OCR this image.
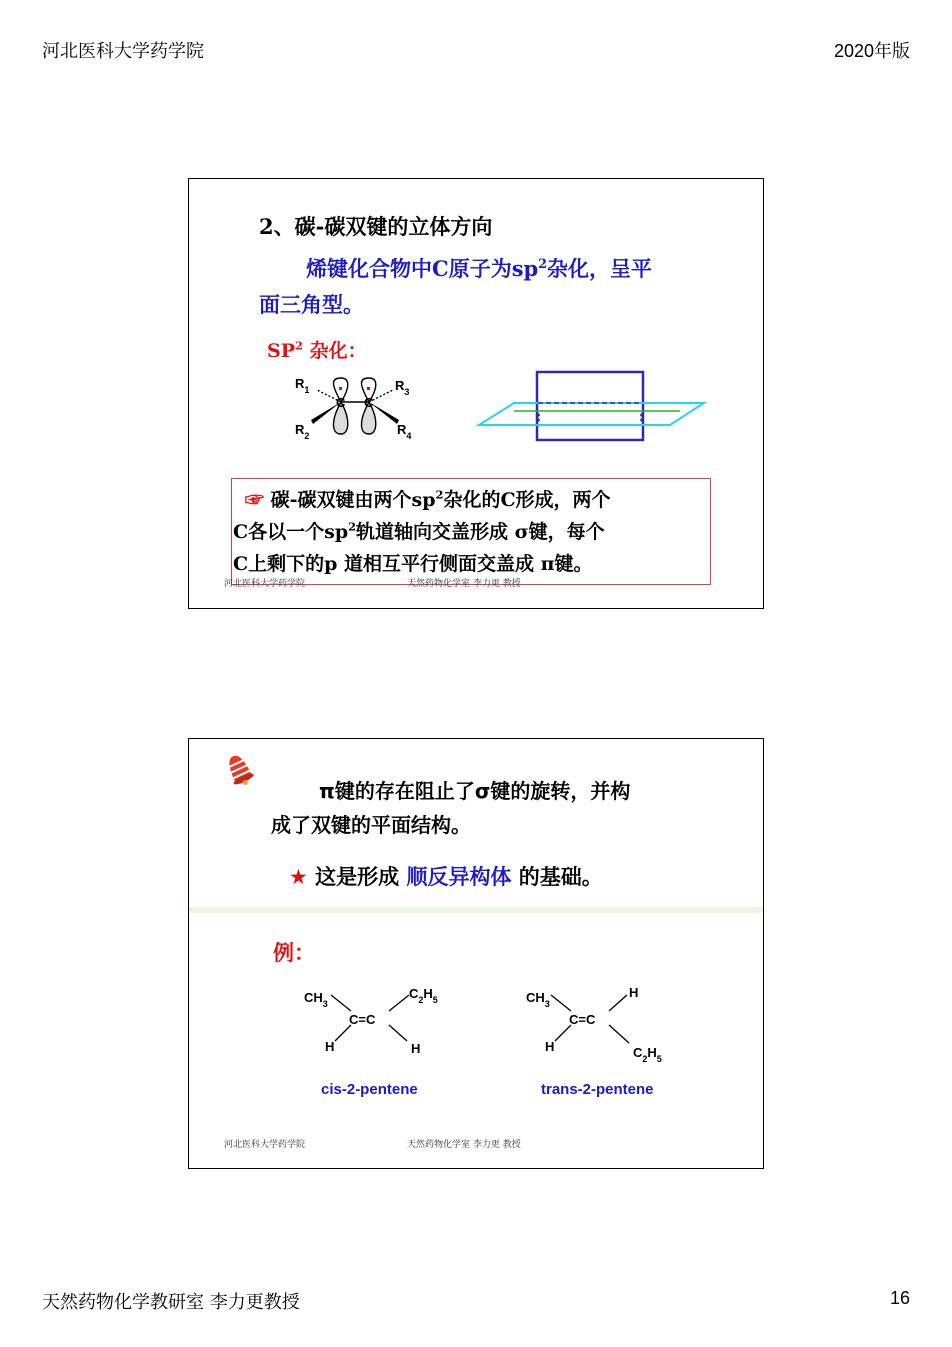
河北医科大学药学院	2020年版
2、碳-碳双键的立体方向
烯键化合物中C原子为$sp^2$杂化，呈平
面三角型。
$SP^2$ 杂化：
$R_1$	$R_3$
$R_2$	$R_4$
C C
☞ 碳-碳双键由两个$sp^2$杂化的C形成，两个
C各以一个$sp^2$轨道轴向交盖形成 σ键，每个
C上剩下的p 道相互平行侧面交盖成 π键。
河北医科大学药学院	天然药物化学室 李力更 教授
π键的存在阻止了σ键的旋转，并构
成了双键的平面结构。
★ 这是形成 顺反异构体 的基础。
例：
$CH_3$
$C_2H_5$
C=C
H	H
cis-2-pentene
$CH_3$
H
C=C
H	$C_2H_5$
trans-2-pentene
河北医科大学药学院	天然药物化学室 李力更 教授
天然药物化学教研室 李力更教授	16
